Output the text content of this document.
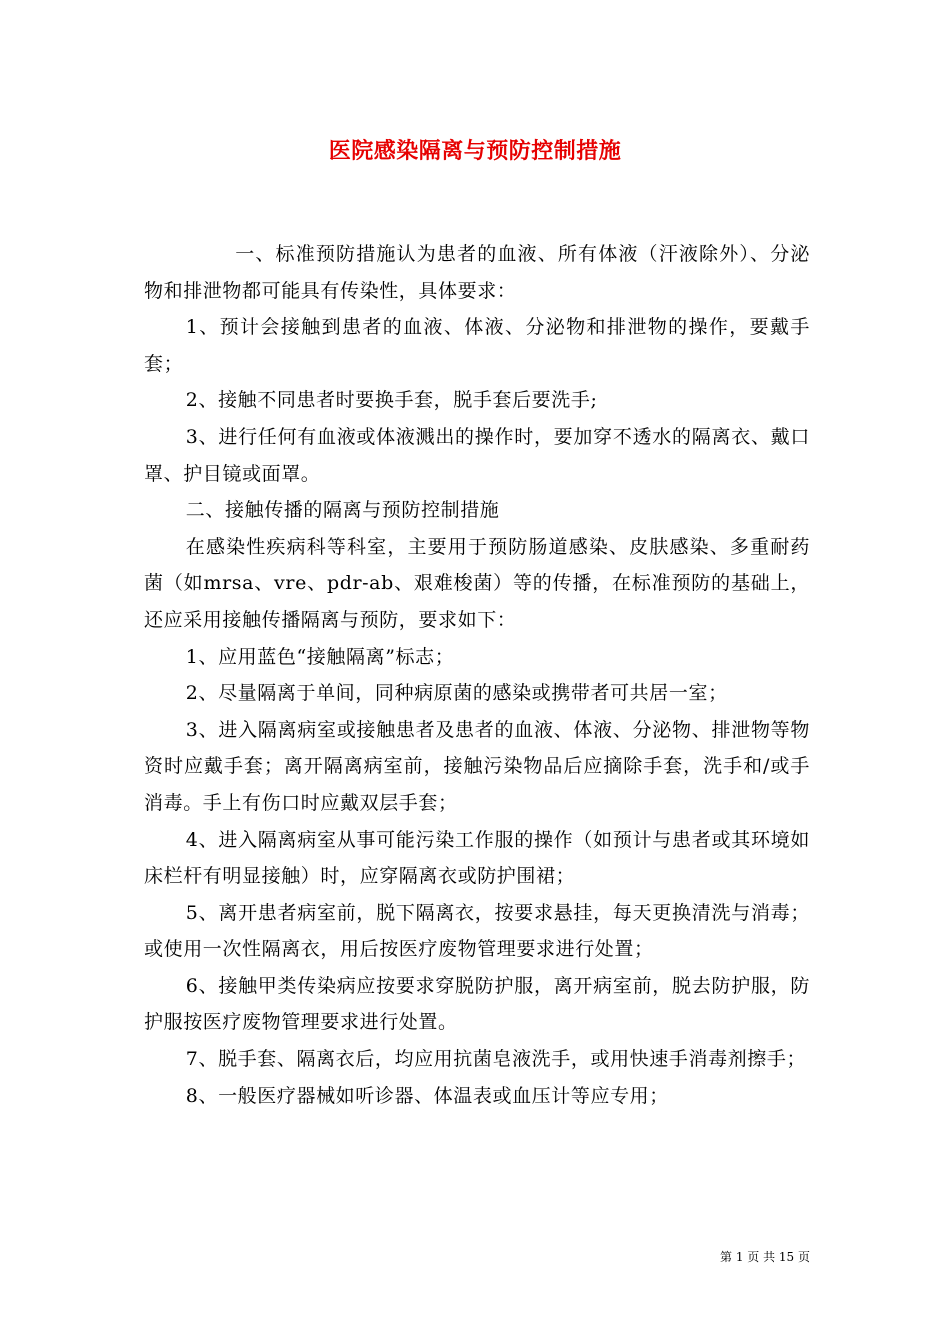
医院感染隔离与预防控制措施

一、标准预防措施认为患者的血液、所有体液（汗液除外）、分泌物和排泄物都可能具有传染性，具体要求：

1、预计会接触到患者的血液、体液、分泌物和排泄物的操作，要戴手套；

2、接触不同患者时要换手套，脱手套后要洗手;

3、进行任何有血液或体液溅出的操作时，要加穿不透水的隔离衣、戴口罩、护目镜或面罩。

二、接触传播的隔离与预防控制措施

在感染性疾病科等科室，主要用于预防肠道感染、皮肤感染、多重耐药菌（如mrsa、vre、pdr-ab、艰难梭菌）等的传播，在标准预防的基础上，还应采用接触传播隔离与预防，要求如下：

1、应用蓝色“接触隔离”标志；

2、尽量隔离于单间，同种病原菌的感染或携带者可共居一室；

3、进入隔离病室或接触患者及患者的血液、体液、分泌物、排泄物等物资时应戴手套；离开隔离病室前，接触污染物品后应摘除手套，洗手和/或手消毒。手上有伤口时应戴双层手套；

4、进入隔离病室从事可能污染工作服的操作（如预计与患者或其环境如床栏杆有明显接触）时，应穿隔离衣或防护围裙；

5、离开患者病室前，脱下隔离衣，按要求悬挂，每天更换清洗与消毒；或使用一次性隔离衣，用后按医疗废物管理要求进行处置；

6、接触甲类传染病应按要求穿脱防护服，离开病室前，脱去防护服，防护服按医疗废物管理要求进行处置。

7、脱手套、隔离衣后，均应用抗菌皂液洗手，或用快速手消毒剂擦手；

8、一般医疗器械如听诊器、体温表或血压计等应专用；

第 1 页 共 15 页
